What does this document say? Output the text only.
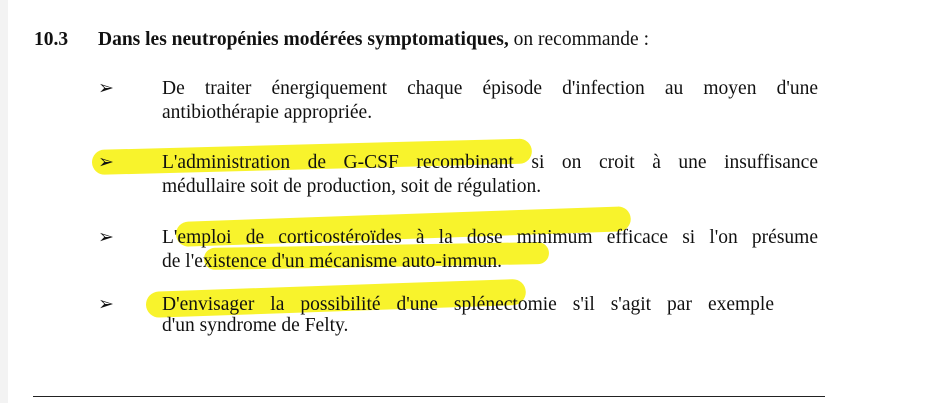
10.3 Dans les neutropénies modérées symptomatiques, on recommande :
➢ De traiter énergiquement chaque épisode d'infection au moyen d'une
antibiothérapie appropriée.
➢ L'administration de G-CSF recombinant si on croit à une insuffisance
médullaire soit de production, soit de régulation.
➢ L'emploi de corticostéroïdes à la dose minimum efficace si l'on présume
de l'existence d'un mécanisme auto-immun.
➢ D'envisager la possibilité d'une splénectomie s'il s'agit par exemple
d'un syndrome de Felty.
